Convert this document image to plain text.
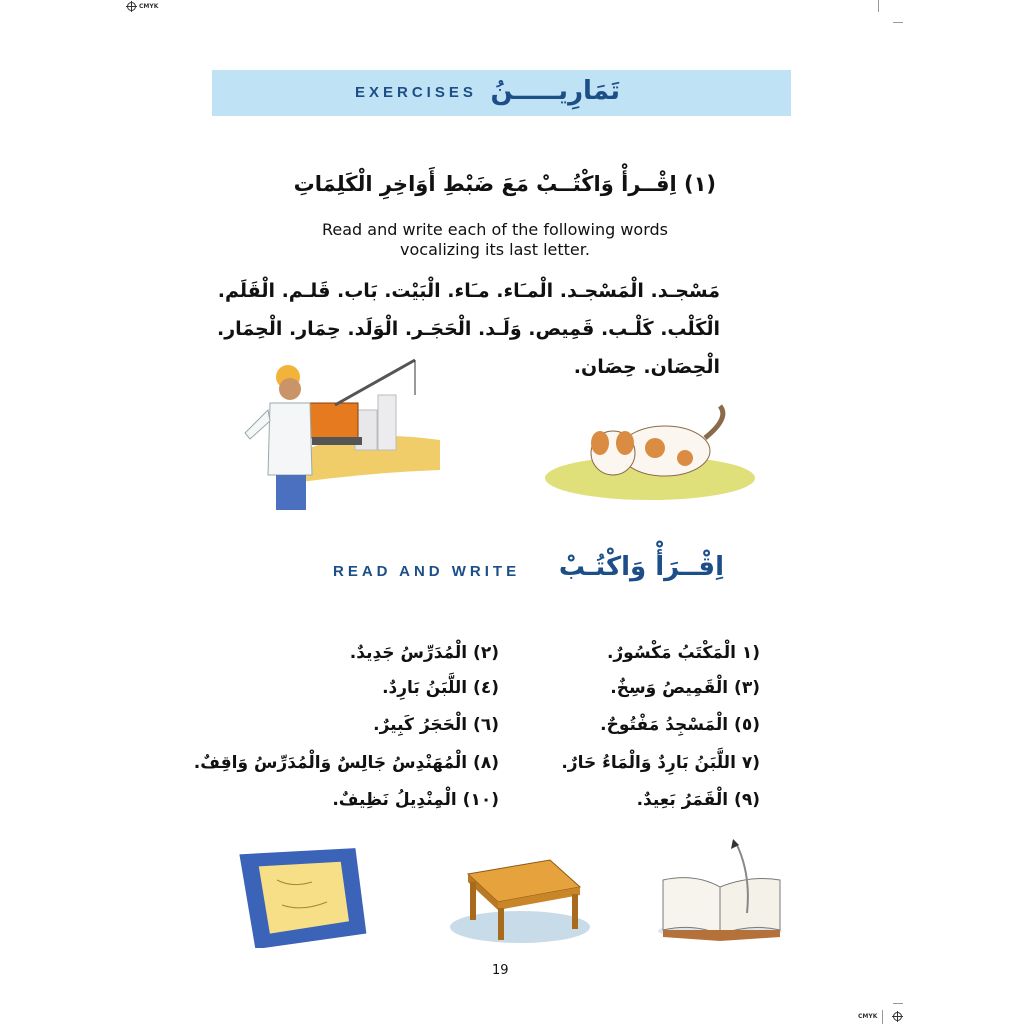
CMYK
CMYK
EXERCISES تَمَارِيـــــنُ
(١) اِقْــرأْ وَاكْتُــبْ مَعَ ضَبْطِ أَوَاخِرِ الْكَلِمَاتِ
Read and write each of the following words
vocalizing its last letter.
مَسْجـد. الْمَسْجـد. الْمـَاء. مـَاء. الْبَيْت. بَاب. قَلـم. الْقَلَم.
الْكَلْب. كَلْـب. قَمِيص. وَلَـد. الْحَجَـر. الْوَلَد. حِمَار. الْحِمَار.
الْحِصَان. حِصَان.
READ AND WRITE اِقْــرَأْ وَاكْتُـبْ
(١ الْمَكْتَبُ مَكْسُورٌ.
(٢) الْمُدَرِّسُ جَدِيدٌ.
(٣) الْقَمِيصُ وَسِخٌ.
(٤) اللَّبَنُ بَارِدٌ.
(٥) الْمَسْجِدُ مَفْتُوحٌ.
(٦) الْحَجَرُ كَبِيرٌ.
(٧ اللَّبَنُ بَارِدٌ وَالْمَاءُ حَارٌ.
(٨) الْمُهَنْدِسُ جَالِسٌ وَالْمُدَرِّسُ وَاقِفٌ.
(٩) الْقَمَرُ بَعِيدٌ.
(١٠) الْمِنْدِيلُ نَظِيفٌ.
19
